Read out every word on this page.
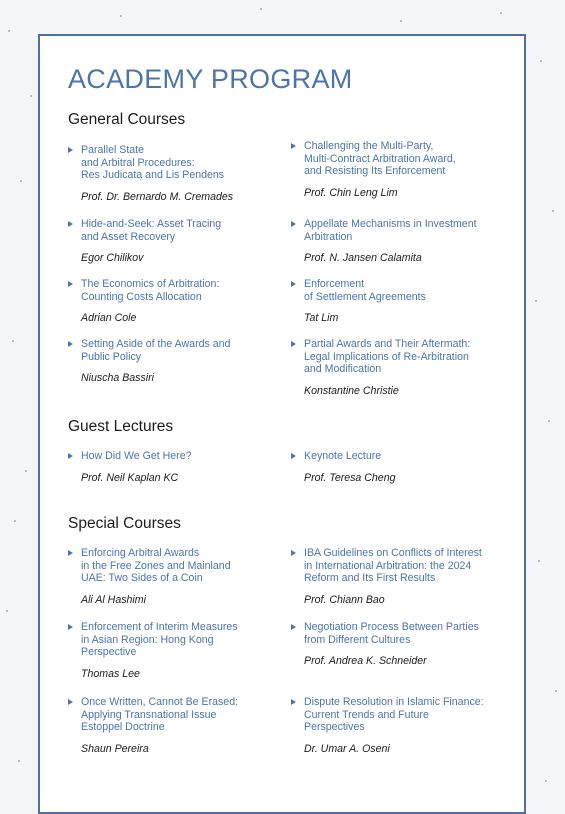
ACADEMY PROGRAM
General Courses
Parallel State
and Arbitral Procedures:
Res Judicata and Lis Pendens
Prof. Dr. Bernardo M. Cremades
Challenging the Multi-Party,
Multi-Contract Arbitration Award,
and Resisting Its Enforcement
Prof. Chin Leng Lim
Hide-and-Seek: Asset Tracing
and Asset Recovery
Egor Chilikov
Appellate Mechanisms in Investment
Arbitration
Prof. N. Jansen Calamita
The Economics of Arbitration:
Counting Costs Allocation
Adrian Cole
Enforcement
of Settlement Agreements
Tat Lim
Setting Aside of the Awards and
Public Policy
Niuscha Bassiri
Partial Awards and Their Aftermath:
Legal Implications of Re-Arbitration
and Modification
Konstantine Christie
Guest Lectures
How Did We Get Here?
Prof. Neil Kaplan KC
Keynote Lecture
Prof. Teresa Cheng
Special Courses
Enforcing Arbitral Awards
in the Free Zones and Mainland
UAE: Two Sides of a Coin
Ali Al Hashimi
IBA Guidelines on Conflicts of Interest
in International Arbitration: the 2024
Reform and Its First Results
Prof. Chiann Bao
Enforcement of Interim Measures
in Asian Region: Hong Kong
Perspective
Thomas Lee
Negotiation Process Between Parties
from Different Cultures
Prof. Andrea K. Schneider
Once Written, Cannot Be Erased:
Applying Transnational Issue
Estoppel Doctrine
Shaun Pereira
Dispute Resolution in Islamic Finance:
Current Trends and Future
Perspectives
Dr. Umar A. Oseni
